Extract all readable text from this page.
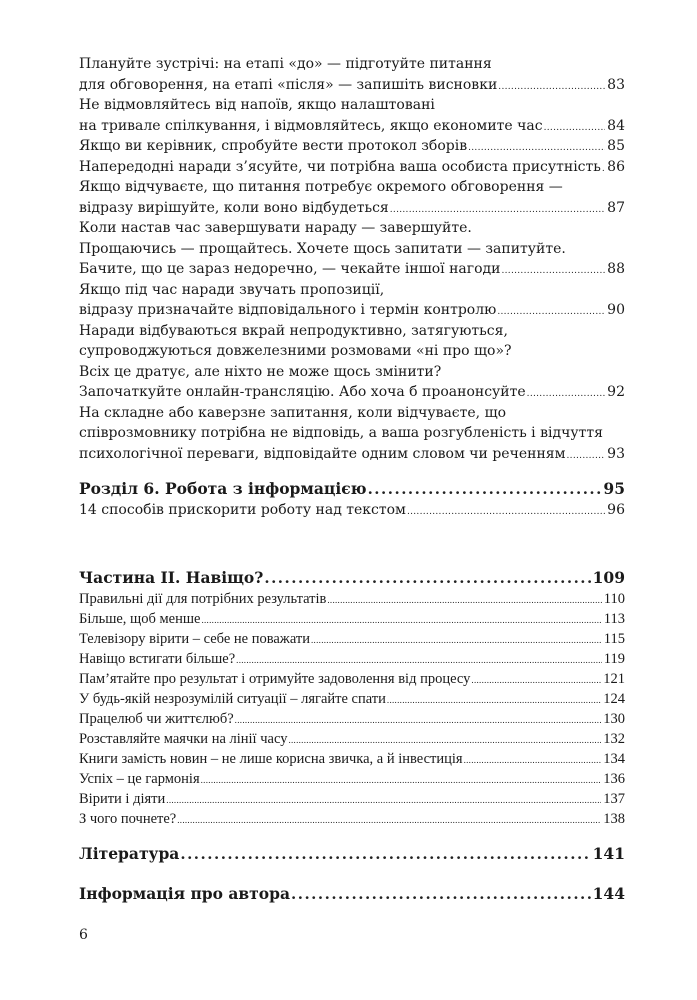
Плануйте зустрічі: на етапі «до» — підготуйте питання
для обговорення, на етапі «після» — запишіть висновки .....	83
Не відмовляйтесь від напоїв, якщо налаштовані
на тривале спілкування, і відмовляйтесь, якщо економите час .....	84
Якщо ви керівник, спробуйте вести протокол зборів .....	85
Напередодні наради з’ясуйте, чи потрібна ваша особиста присутність ..... 86
Якщо відчуваєте, що питання потребує окремого обговорення —
відразу вирішуйте, коли воно відбудеться .....	87
Коли настав час завершувати нараду — завершуйте.
Прощаючись — прощайтесь. Хочете щось запитати — запитуйте.
Бачите, що це зараз недоречно, — чекайте іншої нагоди .....	88
Якщо під час наради звучать пропозиції,
відразу призначайте відповідального і термін контролю .....	90
Наради відбуваються вкрай непродуктивно, затягуються,
супроводжуються довжелезними розмовами «ні про що»?
Всіх це дратує, але ніхто не може щось змінити?
Започаткуйте онлайн-трансляцію. Або хоча б проанонсуйте .....	92
На складне або каверзне запитання, коли відчуваєте, що
співрозмовнику потрібна не відповідь, а ваша розгубленість і відчуття
психологічної переваги, відповідайте одним словом чи реченням .....	93
Розділ 6. Робота з інформацією .....	95
14 способів прискорити роботу над текстом .....	96
Частина II. Навіщо? .....	109
Правильні дії для потрібних результатів .....	110
Більше, щоб менше .....	113
Телевізору вірити – себе не поважати .....	115
Навіщо встигати більше? .....	119
Пам’ятайте про результат і отримуйте задоволення від процесу .....	121
У будь-якій незрозумілій ситуації – лягайте спати .....	124
Працелюб чи життєлюб? .....	130
Розставляйте маячки на лінії часу .....	132
Книги замість новин – не лише корисна звичка, а й інвестиція .....	134
Успіх – це гармонія .....	136
Вірити і діяти .....	137
З чого почнете? .....	138
Література .....	141
Інформація про автора .....	144
6
